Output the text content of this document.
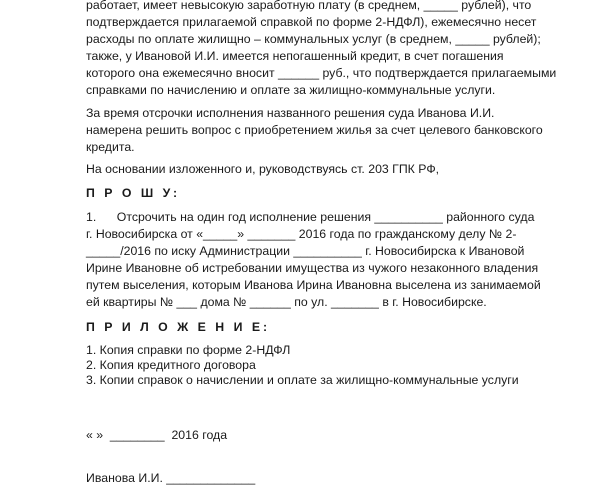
работает, имеет невысокую заработную плату (в среднем, _____ рублей), что
подтверждается прилагаемой справкой по форме 2-НДФЛ), ежемесячно несет
расходы по оплате жилищно – коммунальных услуг (в среднем, _____ рублей);
также, у Ивановой И.И. имеется непогашенный кредит, в счет погашения
которого она ежемесячно вносит ______ руб., что подтверждается прилагаемыми
справками по начислению и оплате за жилищно-коммунальные услуги.
За время отсрочки исполнения названного решения суда Иванова И.И.
намерена решить вопрос с приобретением жилья за счет целевого банковского
кредита.
На основании изложенного и, руководствуясь ст. 203 ГПК РФ,
П Р О Ш У:
1.      Отсрочить на один год исполнение решения __________ районного суда
г. Новосибирска от «_____» _______ 2016 года по гражданскому делу № 2-
_____/2016 по иску Администрации __________ г. Новосибирска к Ивановой
Ирине Ивановне об истребовании имущества из чужого незаконного владения
путем выселения, которым Иванова Ирина Ивановна выселена из занимаемой
ей квартиры № ___ дома № ______ по ул. _______ в г. Новосибирске.
П Р И Л О Ж Е Н И Е:
1. Копия справки по форме 2-НДФЛ
2. Копия кредитного договора
3. Копии справок о начислении и оплате за жилищно-коммунальные услуги
« »  ________  2016 года
Иванова И.И. _____________
